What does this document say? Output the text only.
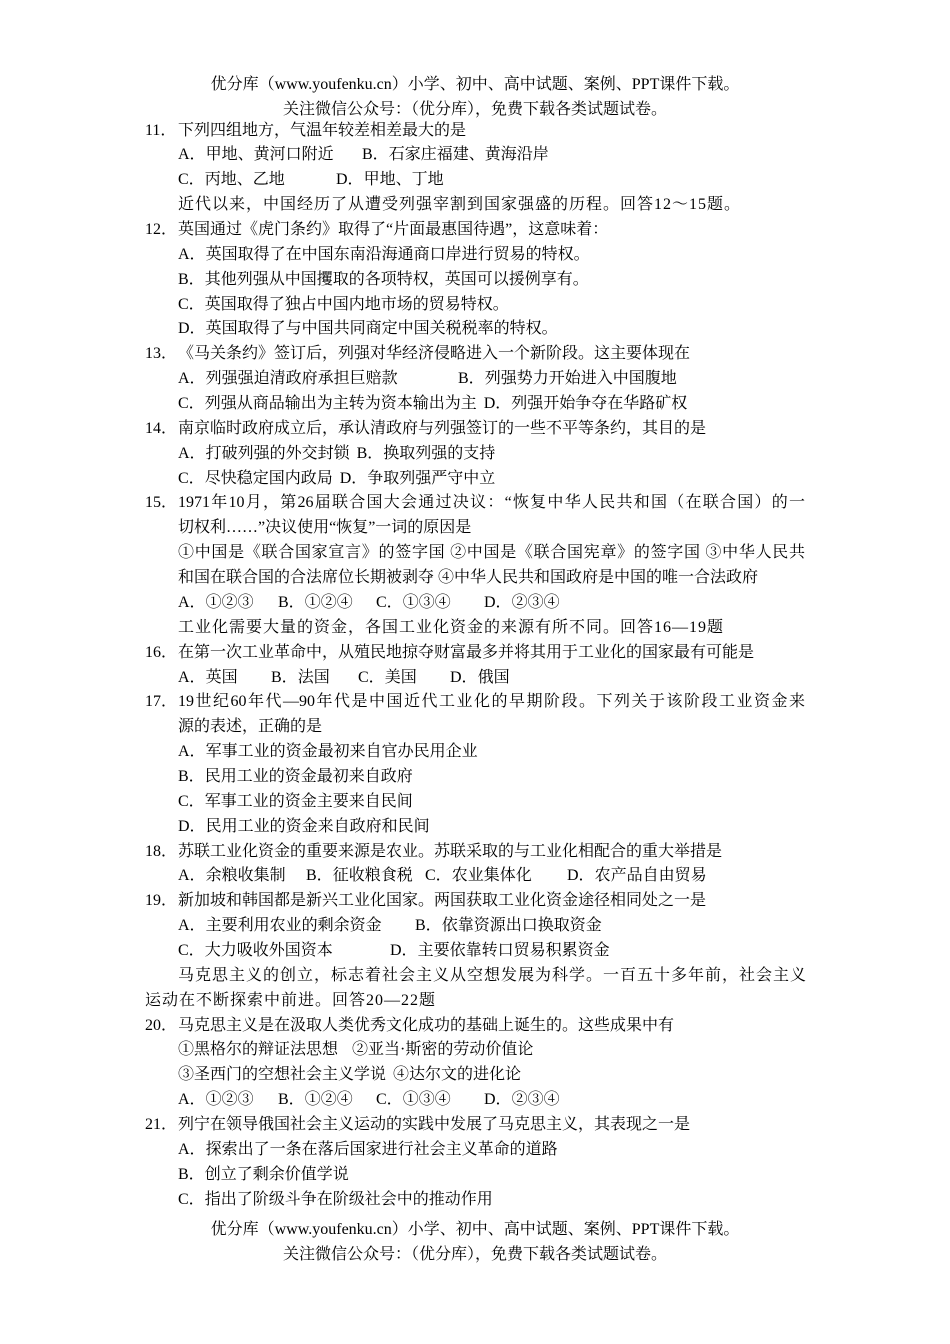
优分库（www.youfenku.cn）小学、初中、高中试题、案例、PPT课件下载。
关注微信公众号：（优分库），免费下载各类试题试卷。
11．下列四组地方，气温年较差相差最大的是
A．甲地、黄河口附近 B．石家庄福建、黄海沿岸
C．丙地、乙地	D．甲地、丁地
近代以来，中国经历了从遭受列强宰割到国家强盛的历程。回答12～15题。
12．英国通过《虎门条约》取得了“片面最惠国待遇”，这意味着：
A．英国取得了在中国东南沿海通商口岸进行贸易的特权。
B．其他列强从中国攫取的各项特权，英国可以援例享有。
C．英国取得了独占中国内地市场的贸易特权。
D．英国取得了与中国共同商定中国关税税率的特权。
13．《马关条约》签订后，列强对华经济侵略进入一个新阶段。这主要体现在
A．列强强迫清政府承担巨赔款	B．列强势力开始进入中国腹地
C．列强从商品输出为主转为资本输出为主 D．列强开始争夺在华路矿权
14．南京临时政府成立后，承认清政府与列强签订的一些不平等条约，其目的是
A．打破列强的外交封锁 B．换取列强的支持
C．尽快稳定国内政局 D．争取列强严守中立
15．1971年10月，第26届联合国大会通过决议：“恢复中华人民共和国（在联合国）的一
切权利……”决议使用“恢复”一词的原因是
①中国是《联合国家宣言》的签字国 ②中国是《联合国宪章》的签字国 ③中华人民共
和国在联合国的合法席位长期被剥夺 ④中华人民共和国政府是中国的唯一合法政府
A．①②③ B．①②④ C．①③④ D．②③④
工业化需要大量的资金，各国工业化资金的来源有所不同。回答16—19题
16．在第一次工业革命中，从殖民地掠夺财富最多并将其用于工业化的国家最有可能是
A．英国 B．法国 C．美国 D．俄国
17．19世纪60年代—90年代是中国近代工业化的早期阶段。下列关于该阶段工业资金来
源的表述，正确的是
A．军事工业的资金最初来自官办民用企业
B．民用工业的资金最初来自政府
C．军事工业的资金主要来自民间
D．民用工业的资金来自政府和民间
18．苏联工业化资金的重要来源是农业。苏联采取的与工业化相配合的重大举措是
A．余粮收集制 B．征收粮食税 C．农业集体化 D．农产品自由贸易
19．新加坡和韩国都是新兴工业化国家。两国获取工业化资金途径相同处之一是
A．主要利用农业的剩余资金 B．依靠资源出口换取资金
C．大力吸收外国资本	D．主要依靠转口贸易积累资金
马克思主义的创立，标志着社会主义从空想发展为科学。一百五十多年前，社会主义
运动在不断探索中前进。回答20—22题
20．马克思主义是在汲取人类优秀文化成功的基础上诞生的。这些成果中有
①黑格尔的辩证法思想 ②亚当·斯密的劳动价值论
③圣西门的空想社会主义学说 ④达尔文的进化论
A．①②③ B．①②④ C．①③④ D．②③④
21．列宁在领导俄国社会主义运动的实践中发展了马克思主义，其表现之一是
A．探索出了一条在落后国家进行社会主义革命的道路
B．创立了剩余价值学说
C．指出了阶级斗争在阶级社会中的推动作用
优分库（www.youfenku.cn）小学、初中、高中试题、案例、PPT课件下载。
关注微信公众号：（优分库），免费下载各类试题试卷。
